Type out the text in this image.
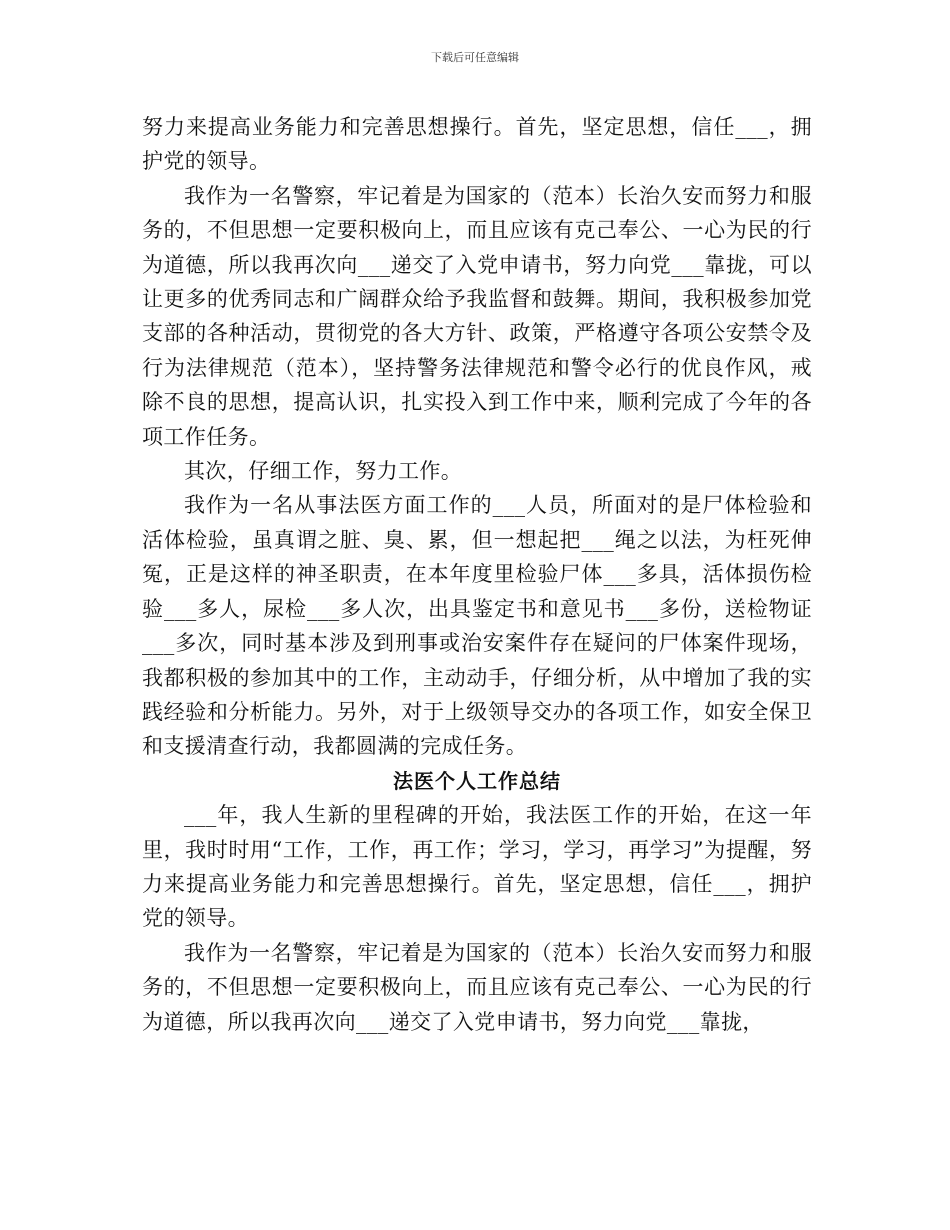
下载后可任意编辑

努力来提高业务能力和完善思想操行。首先，坚定思想，信任___，拥护党的领导。

我作为一名警察，牢记着是为国家的（范本）长治久安而努力和服务的，不但思想一定要积极向上，而且应该有克己奉公、一心为民的行为道德，所以我再次向___递交了入党申请书，努力向党___靠拢，可以让更多的优秀同志和广阔群众给予我监督和鼓舞。期间，我积极参加党支部的各种活动，贯彻党的各大方针、政策，严格遵守各项公安禁令及行为法律规范（范本），坚持警务法律规范和警令必行的优良作风，戒除不良的思想，提高认识，扎实投入到工作中来，顺利完成了今年的各项工作任务。

其次，仔细工作，努力工作。

我作为一名从事法医方面工作的___人员，所面对的是尸体检验和活体检验，虽真谓之脏、臭、累，但一想起把___绳之以法，为枉死伸冤，正是这样的神圣职责，在本年度里检验尸体___多具，活体损伤检验___多人，尿检___多人次，出具鉴定书和意见书___多份，送检物证___多次，同时基本涉及到刑事或治安案件存在疑问的尸体案件现场，我都积极的参加其中的工作，主动动手，仔细分析，从中增加了我的实践经验和分析能力。另外，对于上级领导交办的各项工作，如安全保卫和支援清查行动，我都圆满的完成任务。

法医个人工作总结

___年，我人生新的里程碑的开始，我法医工作的开始，在这一年里，我时时用“工作，工作，再工作；学习，学习，再学习”为提醒，努力来提高业务能力和完善思想操行。首先，坚定思想，信任___，拥护党的领导。

我作为一名警察，牢记着是为国家的（范本）长治久安而努力和服务的，不但思想一定要积极向上，而且应该有克己奉公、一心为民的行为道德，所以我再次向___递交了入党申请书，努力向党___靠拢，
